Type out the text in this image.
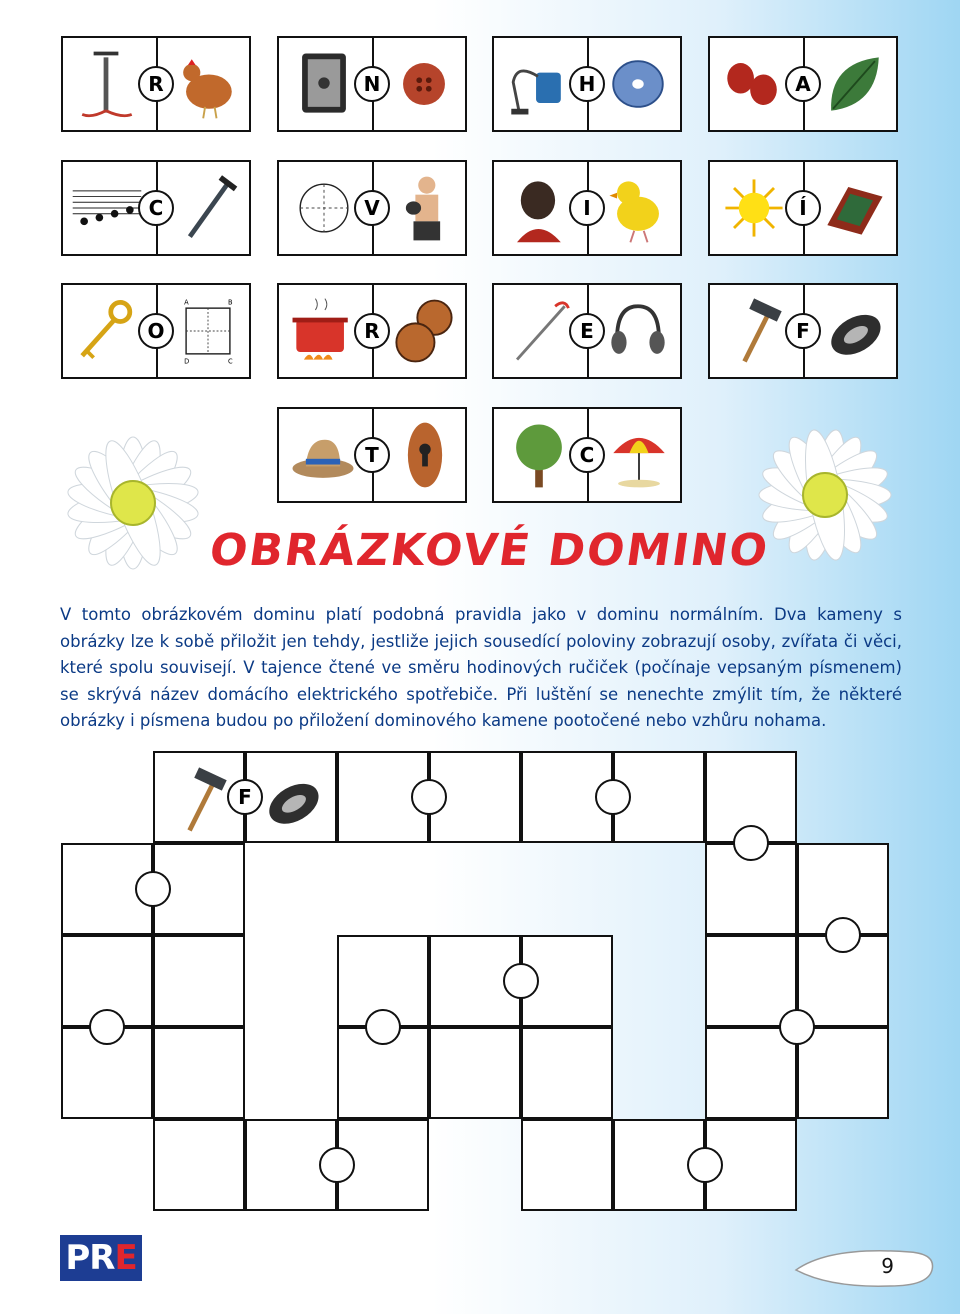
R	N	H	A
C	V	I	Í
A	B
C
D
O	R	E	F
T	C
OBRÁZKOVÉ DOMINO
V tomto obrázkovém dominu platí podobná pravidla jako v dominu normálním. Dva kameny s obrázky lze k sobě přiložit jen tehdy, jestliže jejich sousedící poloviny zobrazují osoby, zvířata či věci, které spolu souvisejí. V tajence čtené ve směru hodinových ručiček (počínaje vepsaným písmenem) se skrývá název domácího elektrického spotřebiče. Při luštění se nenechte zmýlit tím, že některé obrázky i písmena budou po přiložení dominového kamene pootočené nebo vzhůru nohama.
F
PRE	9
